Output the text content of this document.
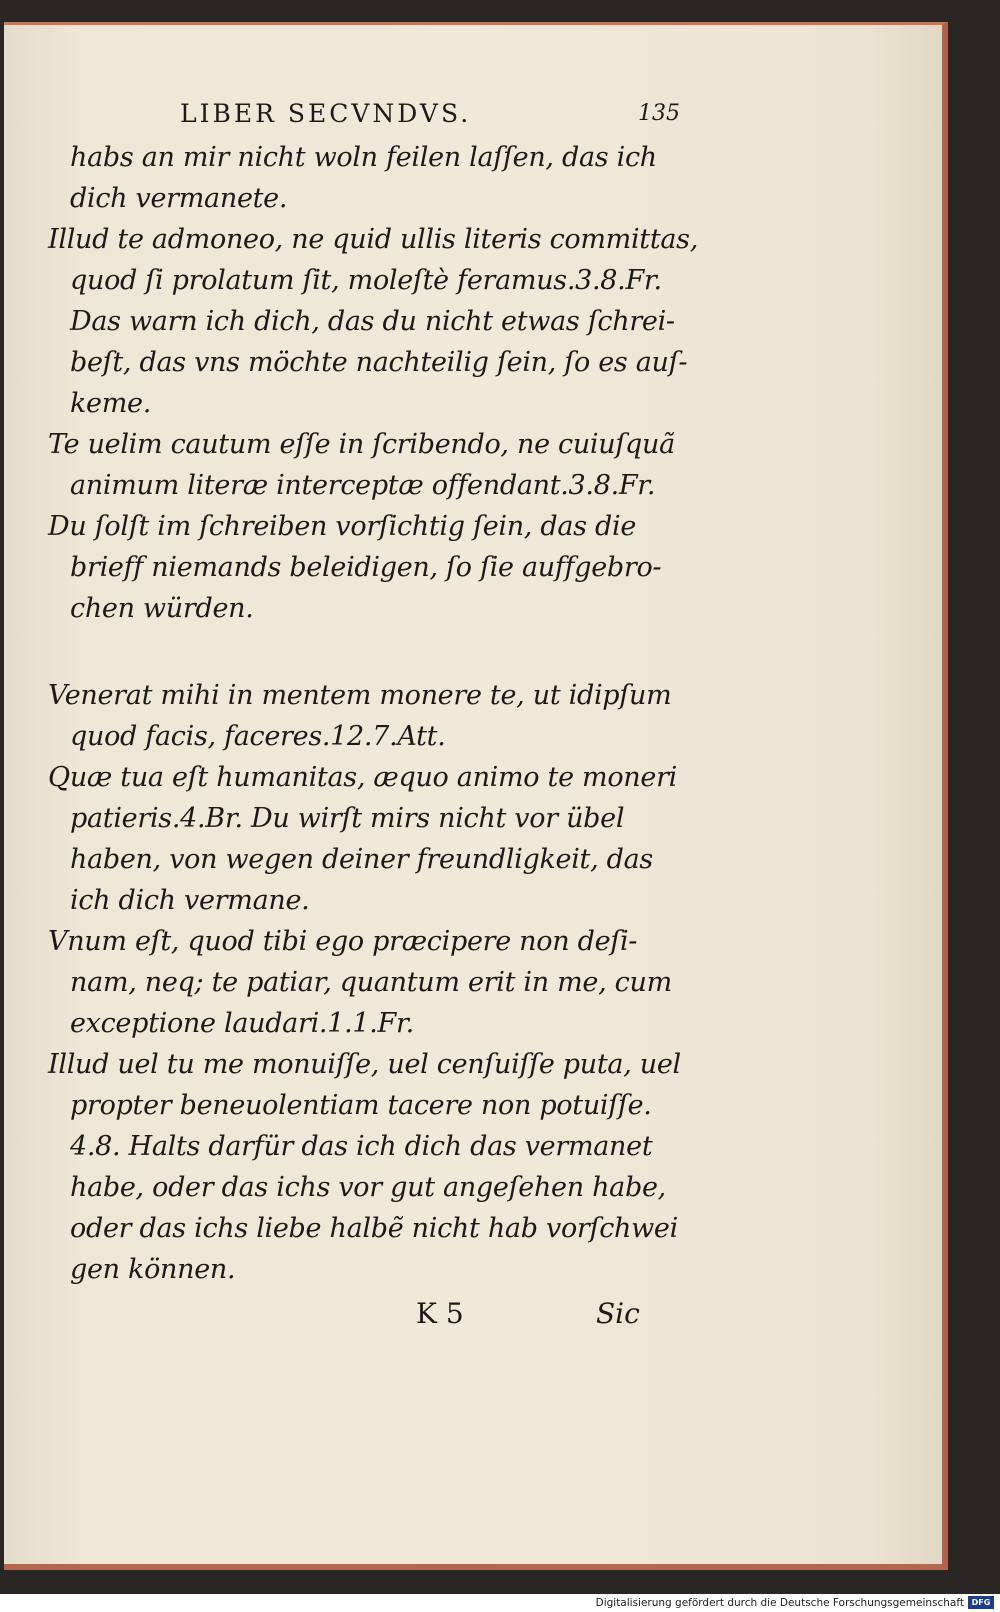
LIBER SECVNDVS.	135
habs an mir nicht woln feilen laſſen, das ich
dich vermanete.
Illud te admoneo, ne quid ullis literis committas,
quod ſi prolatum ſit, moleſtè feramus.3.8.Fr.
Das warn ich dich, das du nicht etwas ſchrei-
beſt, das vns möchte nachteilig ſein, ſo es auſ-
keme.
Te uelim cautum eſſe in ſcribendo, ne cuiuſquã
animum literæ interceptæ offendant.3.8.Fr.
Du ſolſt im ſchreiben vorſichtig ſein, das die
brieff niemands beleidigen, ſo ſie auffgebro-
chen würden.
Venerat mihi in mentem monere te, ut idipſum
quod facis, faceres.12.7.Att.
Quæ tua eſt humanitas, æquo animo te moneri
patieris.4.Br. Du wirſt mirs nicht vor übel
haben, von wegen deiner freundligkeit, das
ich dich vermane.
Vnum eſt, quod tibi ego præcipere non deſi-
nam, neq; te patiar, quantum erit in me, cum
exceptione laudari.1.1.Fr.
Illud uel tu me monuiſſe, uel cenſuiſſe puta, uel
propter beneuolentiam tacere non potuiſſe.
4.8. Halts darfür das ich dich das vermanet
habe, oder das ichs vor gut angeſehen habe,
oder das ichs liebe halbẽ nicht hab vorſchwei
gen können.
K 5	Sic
Digitalisierung gefördert durch die Deutsche Forschungsgemeinschaft DFG
